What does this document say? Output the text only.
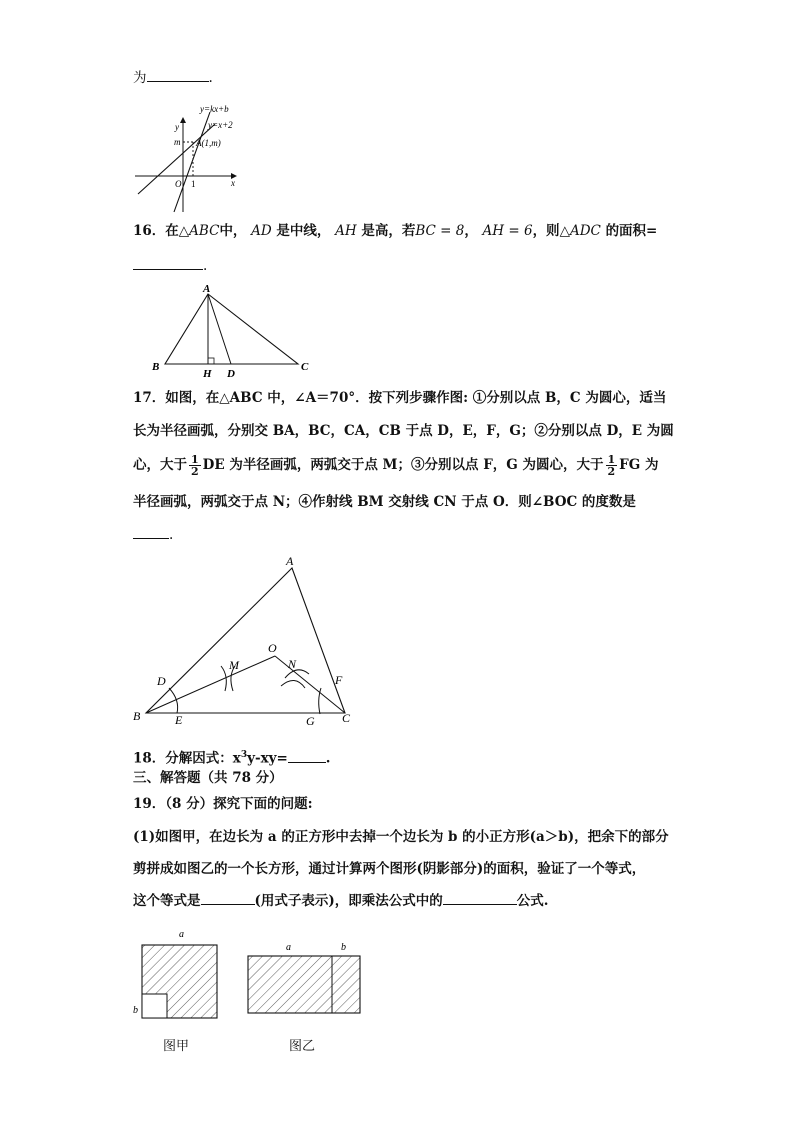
为	.
y=kx+b
y=x+2
y
x
m A(1,m)
O 1
16．在△ABC中， AD 是中线， AH 是高，若BC = 8， AH = 6，则△ADC 的面积=
.
A
B	C
H D
17．如图，在△ABC 中，∠A＝70°．按下列步骤作图: ①分别以点 B，C 为圆心，适当
长为半径画弧，分别交 BA，BC，CA，CB 于点 D，E，F，G；②分别以点 D，E 为圆
心，大于 $\frac{1}{2}$ DE 为半径画弧，两弧交于点 M；③分别以点 F，G 为圆心，大于 $\frac{1}{2}$ FG 为
半径画弧，两弧交于点 N；④作射线 BM 交射线 CN 于点 O．则∠BOC 的度数是
.
A
O
M	N
D	F
B	E	G C
18．分解因式：$x^3y-xy=$	.
三、解答题（共 78 分）
19．（8 分）探究下面的问题:
(1)如图甲，在边长为 a 的正方形中去掉一个边长为 b 的小正方形(a＞b)，把余下的部分
剪拼成如图乙的一个长方形，通过计算两个图形(阴影部分)的面积，验证了一个等式，
这个等式是	(用式子表示)，即乘法公式中的	公式.
a
b
a	b
图甲	图乙
